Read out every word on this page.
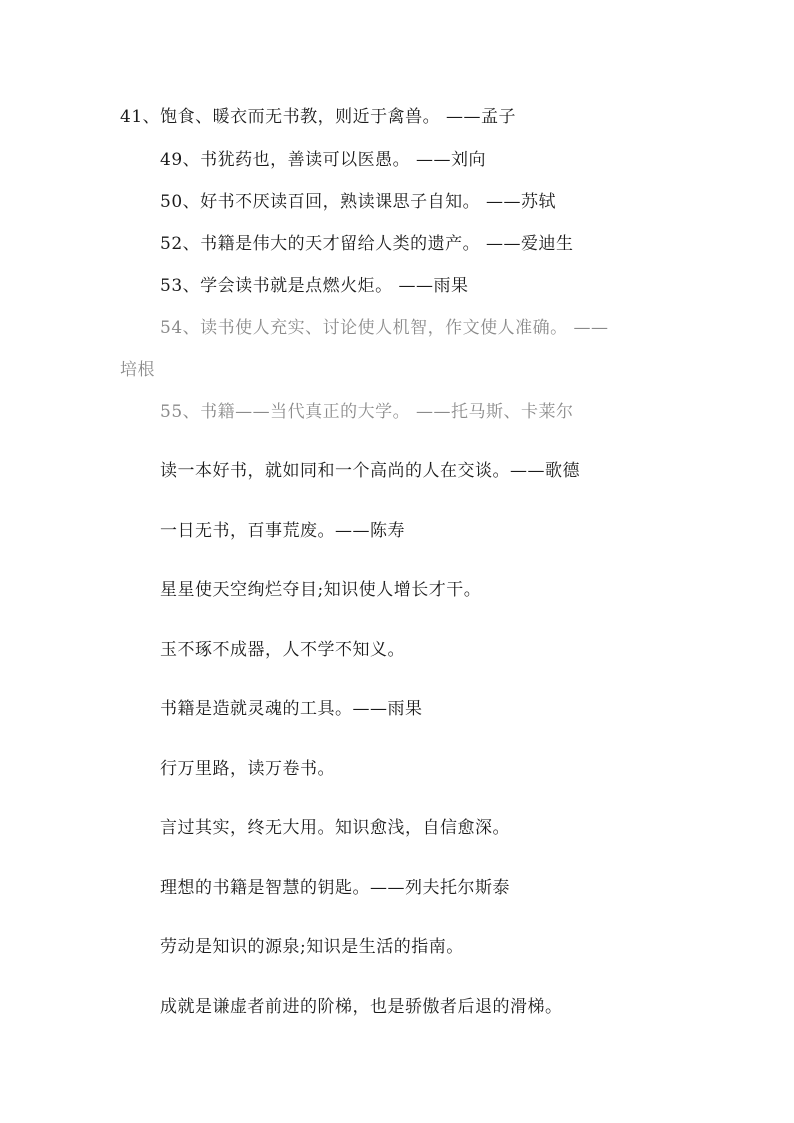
41、饱食、暖衣而无书教，则近于禽兽。 ——孟子
49、书犹药也，善读可以医愚。 ——刘向
50、好书不厌读百回，熟读课思子自知。 ——苏轼
52、书籍是伟大的天才留给人类的遗产。 ——爱迪生
53、学会读书就是点燃火炬。 ——雨果
54、读书使人充实、讨论使人机智，作文使人准确。 ——
培根
55、书籍——当代真正的大学。 ——托马斯、卡莱尔
读一本好书，就如同和一个高尚的人在交谈。——歌德
一日无书，百事荒废。——陈寿
星星使天空绚烂夺目;知识使人增长才干。
玉不琢不成器，人不学不知义。
书籍是造就灵魂的工具。——雨果
行万里路，读万卷书。
言过其实，终无大用。知识愈浅，自信愈深。
理想的书籍是智慧的钥匙。——列夫托尔斯泰
劳动是知识的源泉;知识是生活的指南。
成就是谦虚者前进的阶梯，也是骄傲者后退的滑梯。
